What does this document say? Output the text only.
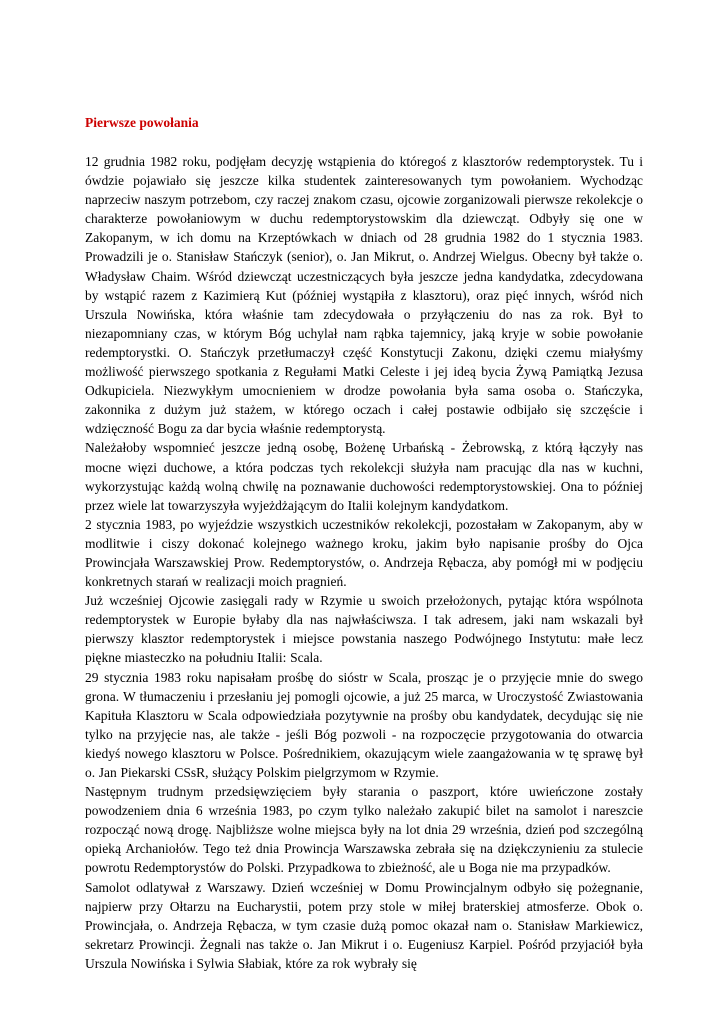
Pierwsze powołania

12 grudnia 1982 roku, podjęłam decyzję wstąpienia do któregoś z klasztorów redemptorystek. Tu i ówdzie pojawiało się jeszcze kilka studentek zainteresowanych tym powołaniem. Wychodząc naprzeciw naszym potrzebom, czy raczej znakom czasu, ojcowie zorganizowali pierwsze rekolekcje o charakterze powołaniowym w duchu redemptorystowskim dla dziewcząt. Odbyły się one w Zakopanym, w ich domu na Krzeptówkach w dniach od 28 grudnia 1982 do 1 stycznia 1983. Prowadzili je o. Stanisław Stańczyk (senior), o. Jan Mikrut, o. Andrzej Wielgus. Obecny był także o. Władysław Chaim. Wśród dziewcząt uczestniczących była jeszcze jedna kandydatka, zdecydowana by wstąpić razem z Kazimierą Kut (później wystąpiła z klasztoru), oraz pięć innych, wśród nich Urszula Nowińska, która właśnie tam zdecydowała o przyłączeniu do nas za rok. Był to niezapomniany czas, w którym Bóg uchylał nam rąbka tajemnicy, jaką kryje w sobie powołanie redemptorystki. O. Stańczyk przetłumaczył część Konstytucji Zakonu, dzięki czemu miałyśmy możliwość pierwszego spotkania z Regułami Matki Celeste i jej ideą bycia Żywą Pamiątką Jezusa Odkupiciela. Niezwykłym umocnieniem w drodze powołania była sama osoba o. Stańczyka, zakonnika z dużym już stażem, w którego oczach i całej postawie odbijało się szczęście i wdzięczność Bogu za dar bycia właśnie redemptorystą.

Należałoby wspomnieć jeszcze jedną osobę, Bożenę Urbańską - Żebrowską, z którą łączyły nas mocne więzi duchowe, a która podczas tych rekolekcji służyła nam pracując dla nas w kuchni, wykorzystując każdą wolną chwilę na poznawanie duchowości redemptorystowskiej. Ona to później przez wiele lat towarzyszyła wyjeżdżającym do Italii kolejnym kandydatkom.

2 stycznia 1983, po wyjeździe wszystkich uczestników rekolekcji, pozostałam w Zakopanym, aby w modlitwie i ciszy dokonać kolejnego ważnego kroku, jakim było napisanie prośby do Ojca Prowincjała Warszawskiej Prow. Redemptorystów, o. Andrzeja Rębacza, aby pomógł mi w podjęciu konkretnych starań w realizacji moich pragnień.

Już wcześniej Ojcowie zasięgali rady w Rzymie u swoich przełożonych, pytając która wspólnota redemptorystek w Europie byłaby dla nas najwłaściwsza. I tak adresem, jaki nam wskazali był pierwszy klasztor redemptorystek i miejsce powstania naszego Podwójnego Instytutu: małe lecz piękne miasteczko na południu Italii: Scala.

29 stycznia 1983 roku napisałam prośbę do sióstr w Scala, prosząc je o przyjęcie mnie do swego grona. W tłumaczeniu i przesłaniu jej pomogli ojcowie, a już 25 marca, w Uroczystość Zwiastowania Kapituła Klasztoru w Scala odpowiedziała pozytywnie na prośby obu kandydatek, decydując się nie tylko na przyjęcie nas, ale także - jeśli Bóg pozwoli - na rozpoczęcie przygotowania do otwarcia kiedyś nowego klasztoru w Polsce. Pośrednikiem, okazującym wiele zaangażowania w tę sprawę był o. Jan Piekarski CSsR, służący Polskim pielgrzymom w Rzymie.

Następnym trudnym przedsięwzięciem były starania o paszport, które uwieńczone zostały powodzeniem dnia 6 września 1983, po czym tylko należało zakupić bilet na samolot i nareszcie rozpocząć nową drogę. Najbliższe wolne miejsca były na lot dnia 29 września, dzień pod szczególną opieką Archaniołów. Tego też dnia Prowincja Warszawska zebrała się na dziękczynieniu za stulecie powrotu Redemptorystów do Polski. Przypadkowa to zbieżność, ale u Boga nie ma przypadków.

Samolot odlatywał z Warszawy. Dzień wcześniej w Domu Prowincjalnym odbyło się pożegnanie, najpierw przy Ołtarzu na Eucharystii, potem przy stole w miłej braterskiej atmosferze. Obok o. Prowincjała, o. Andrzeja Rębacza, w tym czasie dużą pomoc okazał nam o. Stanisław Markiewicz, sekretarz Prowincji. Żegnali nas także o. Jan Mikrut i o. Eugeniusz Karpiel. Pośród przyjaciół była Urszula Nowińska i Sylwia Słabiak, które za rok wybrały się
